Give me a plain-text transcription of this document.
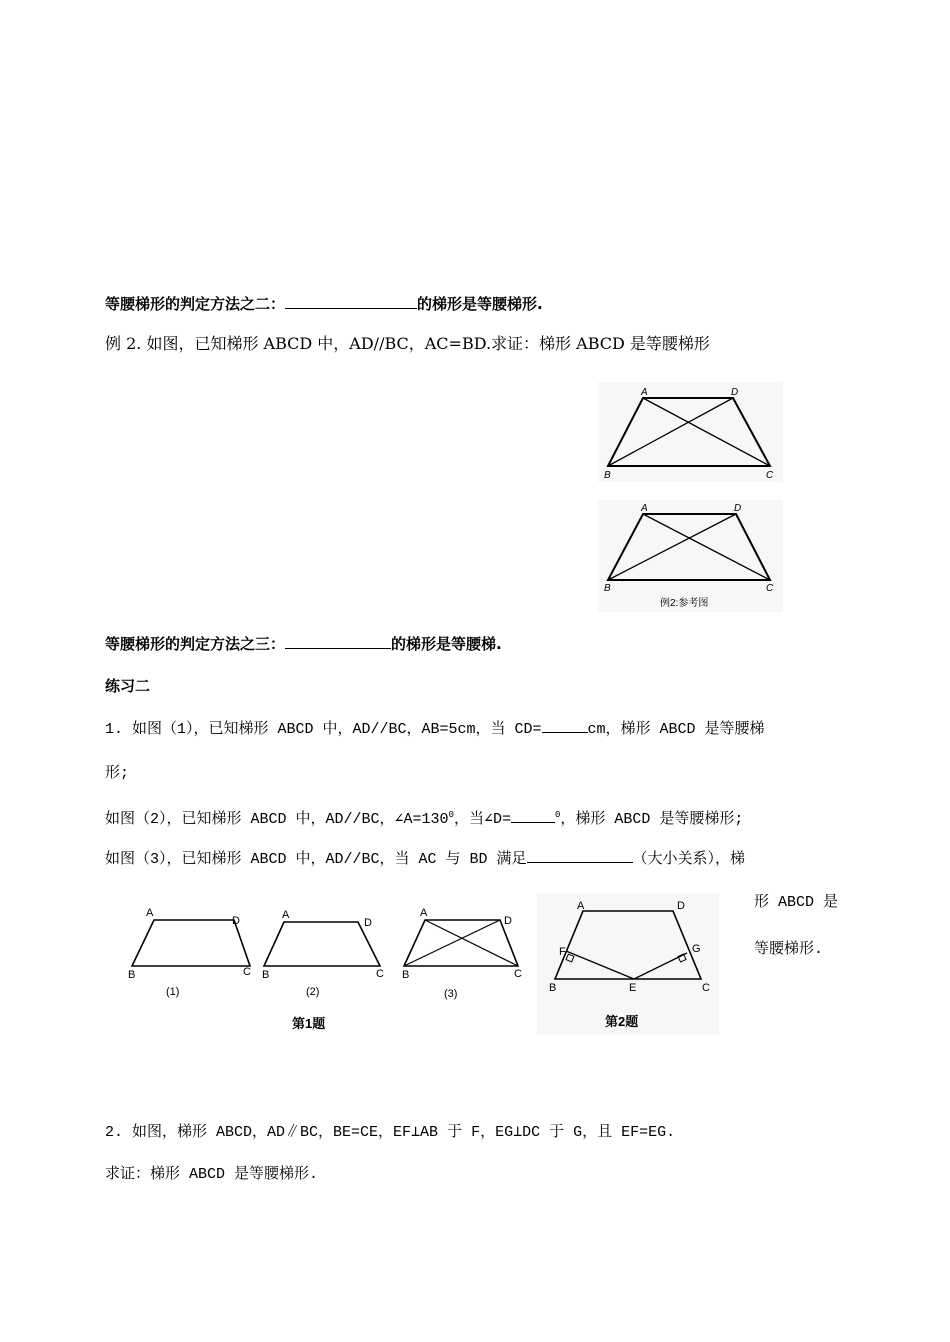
等腰梯形的判定方法之二：	的梯形是等腰梯形.
例 2. 如图，已知梯形 ABCD 中，AD//BC，AC=BD.求证：梯形 ABCD 是等腰梯形
A	D
B	C
A	D
B	C
例2:参考图
等腰梯形的判定方法之三：	的梯形是等腰梯.
练习二
1. 如图（1），已知梯形 ABCD 中，AD//BC，AB=5cm，当 CD=	cm，梯形 ABCD 是等腰梯
形;
如图（2），已知梯形 ABCD 中，AD//BC，$\angle A=130^0$，当∠D=	$^0$，梯形 ABCD 是等腰梯形;
如图（3），已知梯形 ABCD 中，AD//BC，当 AC 与 BD 满足	（大小关系），梯
形 ABCD 是
等腰梯形.
A
D
B	C
(1)
A
D
B	C
(2)
A
D
B	C
(3)
第1题
A	D
F	G
B	E	C
第2题
2. 如图，梯形 ABCD，AD∥BC，BE=CE，EF⊥AB 于 F，EG⊥DC 于 G，且 EF=EG.
求证：梯形 ABCD 是等腰梯形.
